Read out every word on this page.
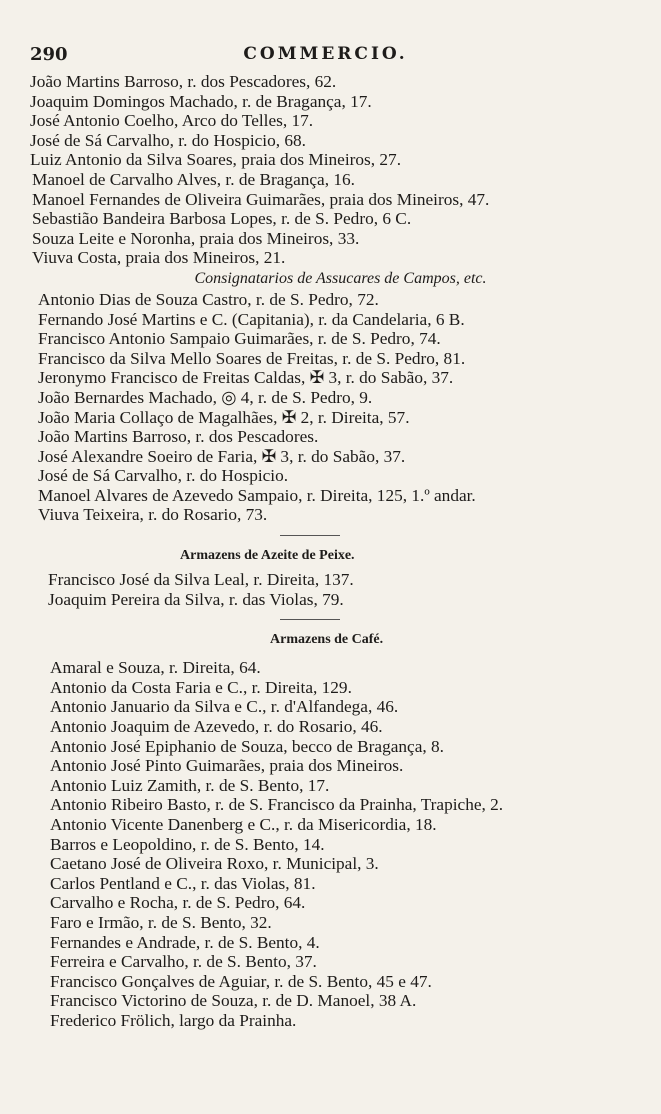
290	COMMERCIO.
João Martins Barroso, r. dos Pescadores, 62.
Joaquim Domingos Machado, r. de Bragança, 17.
José Antonio Coelho, Arco do Telles, 17.
José de Sá Carvalho, r. do Hospicio, 68.
Luiz Antonio da Silva Soares, praia dos Mineiros, 27.
Manoel de Carvalho Alves, r. de Bragança, 16.
Manoel Fernandes de Oliveira Guimarães, praia dos Mineiros, 47.
Sebastião Bandeira Barbosa Lopes, r. de S. Pedro, 6 C.
Souza Leite e Noronha, praia dos Mineiros, 33.
Viuva Costa, praia dos Mineiros, 21.
Consignatarios de Assucares de Campos, etc.
Antonio Dias de Souza Castro, r. de S. Pedro, 72.
Fernando José Martins e C. (Capitania), r. da Candelaria, 6 B.
Francisco Antonio Sampaio Guimarães, r. de S. Pedro, 74.
Francisco da Silva Mello Soares de Freitas, r. de S. Pedro, 81.
Jeronymo Francisco de Freitas Caldas, ✠ 3, r. do Sabão, 37.
João Bernardes Machado, ◎ 4, r. de S. Pedro, 9.
João Maria Collaço de Magalhães, ✠ 2, r. Direita, 57.
João Martins Barroso, r. dos Pescadores.
José Alexandre Soeiro de Faria, ✠ 3, r. do Sabão, 37.
José de Sá Carvalho, r. do Hospicio.
Manoel Alvares de Azevedo Sampaio, r. Direita, 125, 1.º andar.
Viuva Teixeira, r. do Rosario, 73.
Armazens de Azeite de Peixe.
Francisco José da Silva Leal, r. Direita, 137.
Joaquim Pereira da Silva, r. das Violas, 79.
Armazens de Café.
Amaral e Souza, r. Direita, 64.
Antonio da Costa Faria e C., r. Direita, 129.
Antonio Januario da Silva e C., r. d'Alfandega, 46.
Antonio Joaquim de Azevedo, r. do Rosario, 46.
Antonio José Epiphanio de Souza, becco de Bragança, 8.
Antonio José Pinto Guimarães, praia dos Mineiros.
Antonio Luiz Zamith, r. de S. Bento, 17.
Antonio Ribeiro Basto, r. de S. Francisco da Prainha, Trapiche, 2.
Antonio Vicente Danenberg e C., r. da Misericordia, 18.
Barros e Leopoldino, r. de S. Bento, 14.
Caetano José de Oliveira Roxo, r. Municipal, 3.
Carlos Pentland e C., r. das Violas, 81.
Carvalho e Rocha, r. de S. Pedro, 64.
Faro e Irmão, r. de S. Bento, 32.
Fernandes e Andrade, r. de S. Bento, 4.
Ferreira e Carvalho, r. de S. Bento, 37.
Francisco Gonçalves de Aguiar, r. de S. Bento, 45 e 47.
Francisco Victorino de Souza, r. de D. Manoel, 38 A.
Frederico Frölich, largo da Prainha.
